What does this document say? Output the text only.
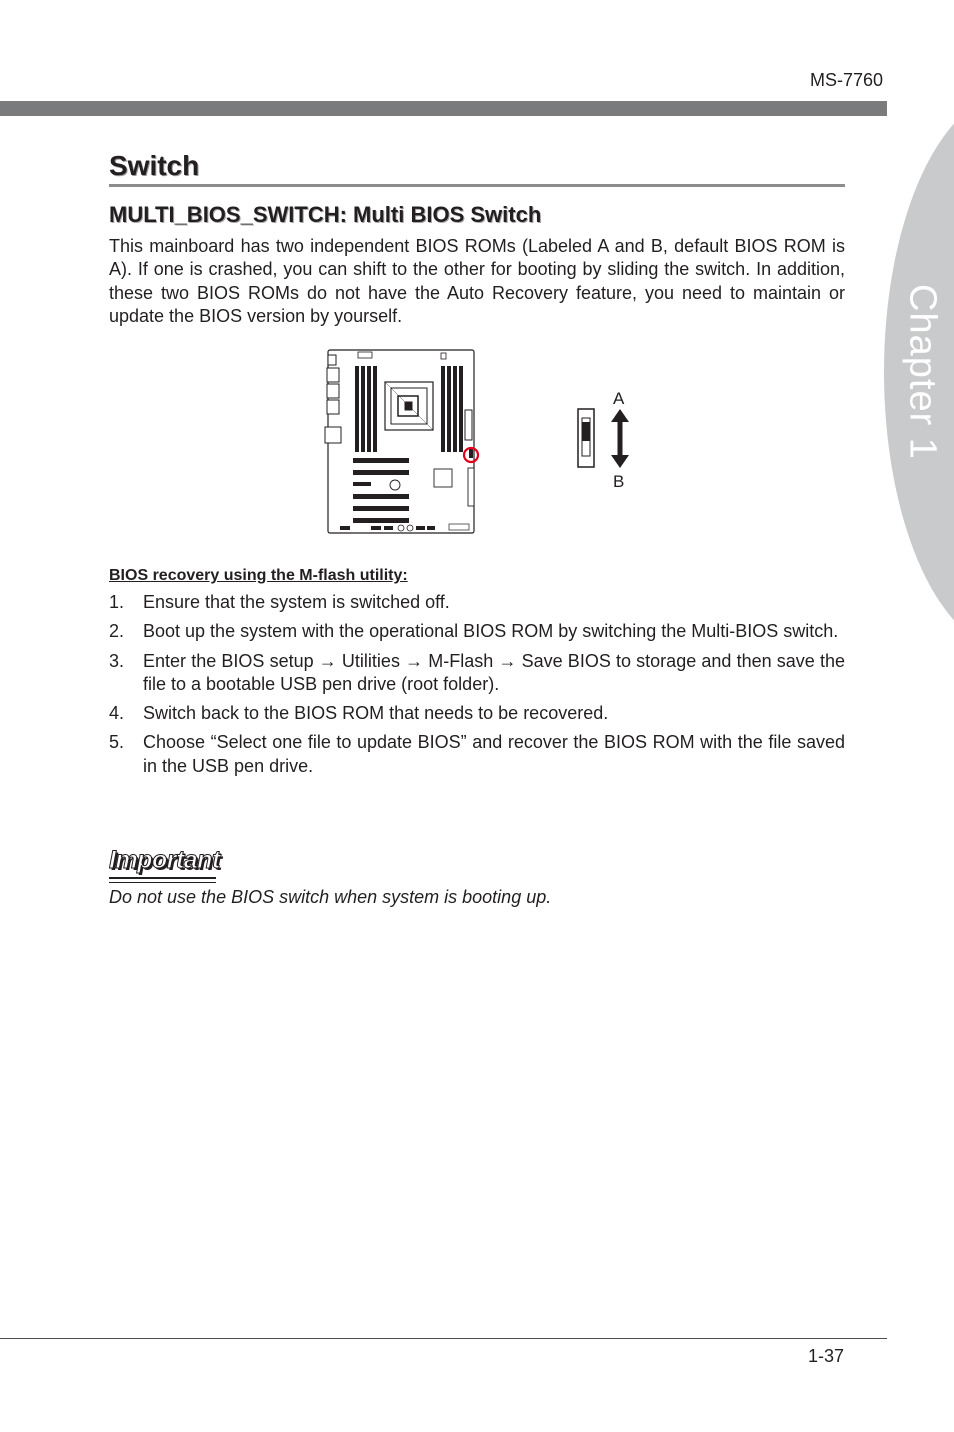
MS-7760
Chapter 1
Switch
MULTI_BIOS_SWITCH: Multi BIOS Switch

This mainboard has two independent BIOS ROMs (Labeled A and B, default BIOS ROM is A). If one is crashed, you can shift to the other for booting by sliding the switch. In addition, these two BIOS ROMs do not have the Auto Recovery feature, you need to maintain or update the BIOS version by yourself.

A
B
BIOS recovery using the M-flash utility:
1. Ensure that the system is switched off.
2. Boot up the system with the operational BIOS ROM by switching the Multi-BIOS switch.
3. Enter the BIOS setup → Utilities → M-Flash → Save BIOS to storage and then save the file to a bootable USB pen drive (root folder).
4. Switch back to the BIOS ROM that needs to be recovered.
5. Choose “Select one file to update BIOS” and recover the BIOS ROM with the file saved in the USB pen drive.
Important

Do not use the BIOS switch when system is booting up.

1-37
